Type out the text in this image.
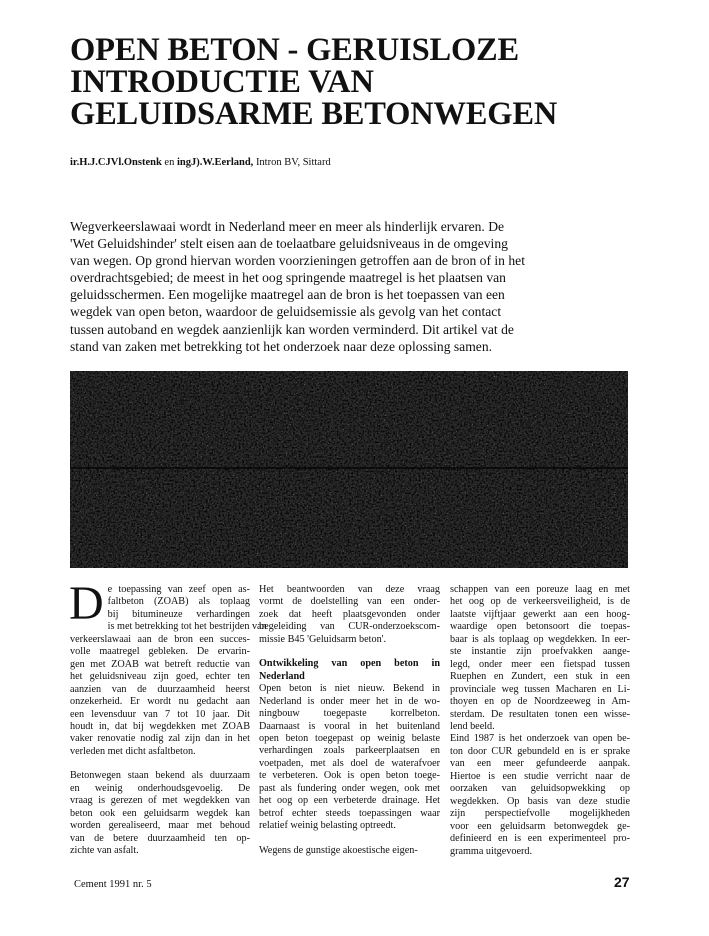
OPEN BETON - GERUISLOZE
INTRODUCTIE VAN
GELUIDSARME BETONWEGEN
ir.H.J.CJVl.Onstenk en ingJ).W.Eerland, Intron BV, Sittard
Wegverkeerslawaai wordt in Nederland meer en meer als hinderlijk ervaren. De
'Wet Geluidshinder' stelt eisen aan de toelaatbare geluidsniveaus in de omgeving
van wegen. Op grond hiervan worden voorzieningen getroffen aan de bron of in het
overdrachtsgebied; de meest in het oog springende maatregel is het plaatsen van
geluidsschermen. Een mogelijke maatregel aan de bron is het toepassen van een
wegdek van open beton, waardoor de geluidsemissie als gevolg van het contact
tussen autoband en wegdek aanzienlijk kan worden verminderd. Dit artikel vat de
stand van zaken met betrekking tot het onderzoek naar deze oplossing samen.
D e toepassing van zeef open as-
faltbeton (ZOAB) als toplaag
bij bitumineuze verhardingen
is met betrekking tot het bestrijden van
verkeerslawaai aan de bron een succes-
volle maatregel gebleken. De ervarin-
gen met ZOAB wat betreft reductie van
het geluidsniveau zijn goed, echter ten
aanzien van de duurzaamheid heerst
onzekerheid. Er wordt nu gedacht aan
een levensduur van 7 tot 10 jaar. Dit
houdt in, dat bij wegdekken met ZOAB
vaker renovatie nodig zal zijn dan in het
verleden met dicht asfaltbeton.
Betonwegen staan bekend als duurzaam
en weinig onderhoudsgevoelig. De
vraag is gerezen of met wegdekken van
beton ook een geluidsarm wegdek kan
worden gerealiseerd, maar met behoud
van de betere duurzaamheid ten op-
zichte van asfalt.
Het beantwoorden van deze vraag
vormt de doelstelling van een onder-
zoek dat heeft plaatsgevonden onder
begeleiding van CUR-onderzoekscom-
missie B45 'Geluidsarm beton'.
Ontwikkeling van open beton in
Nederland
Open beton is niet nieuw. Bekend in
Nederland is onder meer het in de wo-
ningbouw toegepaste korrelbeton.
Daarnaast is vooral in het buitenland
open beton toegepast op weinig belaste
verhardingen zoals parkeerplaatsen en
voetpaden, met als doel de waterafvoer
te verbeteren. Ook is open beton toege-
past als fundering onder wegen, ook met
het oog op een verbeterde drainage. Het
betrof echter steeds toepassingen waar
relatief weinig belasting optreedt.
Wegens de gunstige akoestische eigen-
schappen van een poreuze laag en met
het oog op de verkeersveiligheid, is de
laatste vijftjaar gewerkt aan een hoog-
waardige open betonsoort die toepas-
baar is als toplaag op wegdekken. In eer-
ste instantie zijn proefvakken aange-
legd, onder meer een fietspad tussen
Ruephen en Zundert, een stuk in een
provinciale weg tussen Macharen en Li-
thoyen en op de Noordzeeweg in Am-
sterdam. De resultaten tonen een wisse-
lend beeld.
Eind 1987 is het onderzoek van open be-
ton door CUR gebundeld en is er sprake
van een meer gefundeerde aanpak.
Hiertoe is een studie verricht naar de
oorzaken van geluidsopwekking op
wegdekken. Op basis van deze studie
zijn perspectiefvolle mogelijkheden
voor een geluidsarm betonwegdek ge-
definieerd en is een experimenteel pro-
gramma uitgevoerd.
Cement 1991 nr. 5	27
